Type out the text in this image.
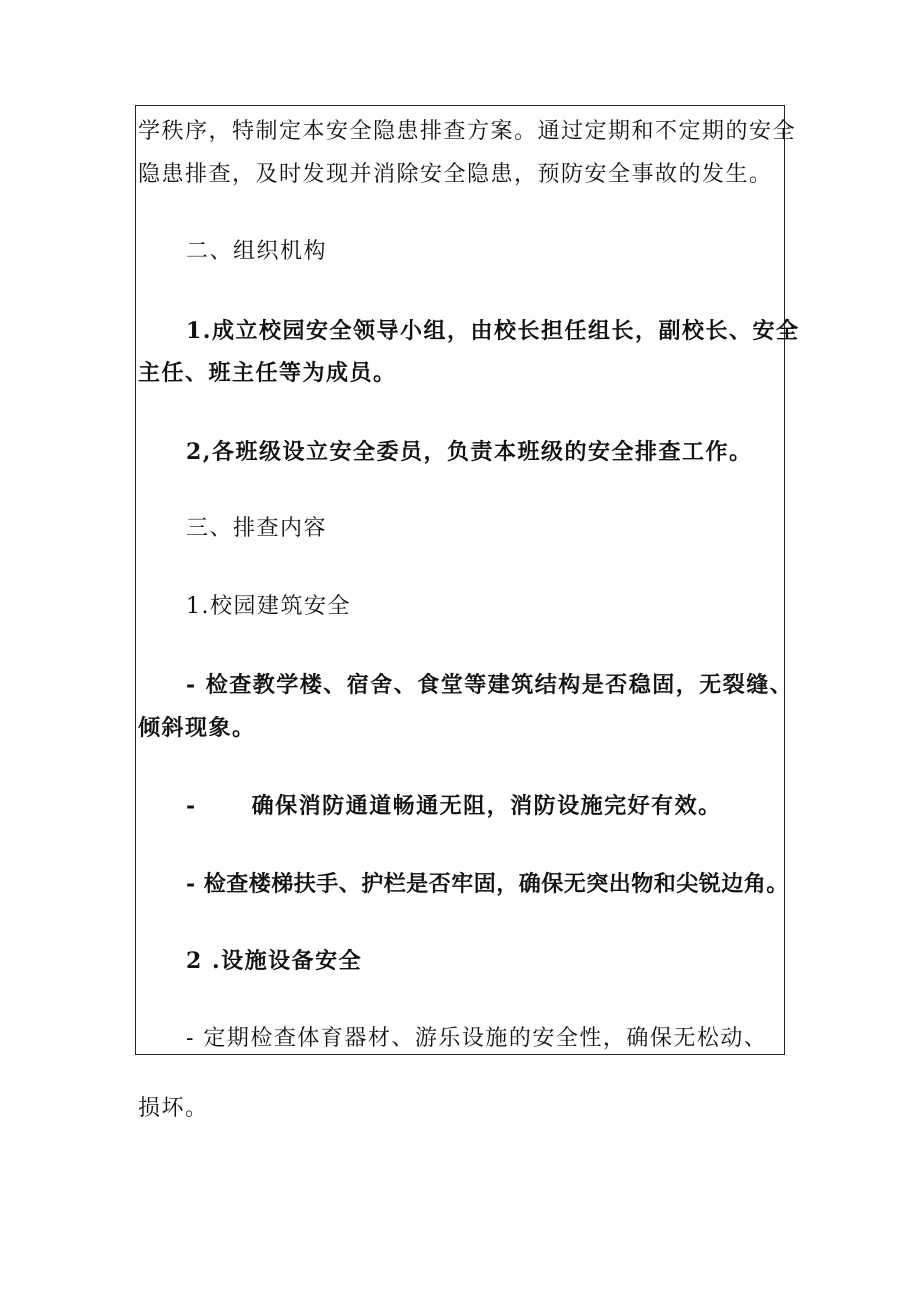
学秩序，特制定本安全隐患排查方案。通过定期和不定期的安全
隐患排查，及时发现并消除安全隐患，预防安全事故的发生。
二、组织机构
1.成立校园安全领导小组，由校长担任组长，副校长、安全
主任、班主任等为成员。
2,各班级设立安全委员，负责本班级的安全排查工作。
三、排查内容
1.校园建筑安全
- 检查教学楼、宿舍、食堂等建筑结构是否稳固，无裂缝、
倾斜现象。
-      确保消防通道畅通无阻，消防设施完好有效。
- 检查楼梯扶手、护栏是否牢固，确保无突出物和尖锐边角。
2 .设施设备安全
- 定期检查体育器材、游乐设施的安全性，确保无松动、
损坏。
